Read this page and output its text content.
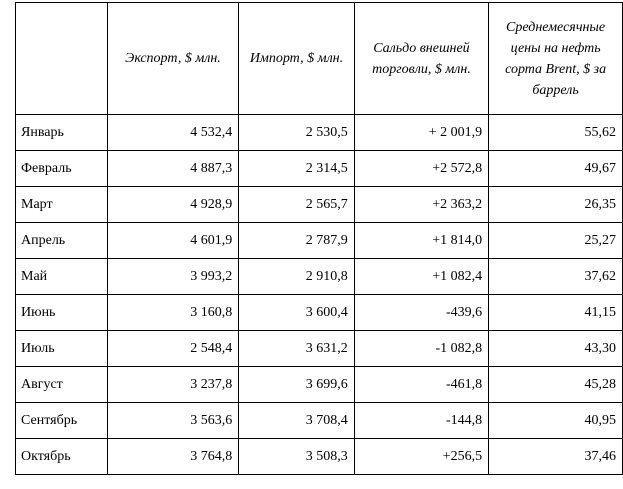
	Экспорт, $ млн.	Импорт, $ млн.	Сальдо внешней торговли, $ млн.	Среднемесячные цены на нефть сорта Brent, $ за баррель
Январь	4 532,4	2 530,5	+ 2 001,9	55,62
Февраль	4 887,3	2 314,5	+2 572,8	49,67
Март	4 928,9	2 565,7	+2 363,2	26,35
Апрель	4 601,9	2 787,9	+1 814,0	25,27
Май	3 993,2	2 910,8	+1 082,4	37,62
Июнь	3 160,8	3 600,4	-439,6	41,15
Июль	2 548,4	3 631,2	-1 082,8	43,30
Август	3 237,8	3 699,6	-461,8	45,28
Сентябрь	3 563,6	3 708,4	-144,8	40,95
Октябрь	3 764,8	3 508,3	+256,5	37,46
